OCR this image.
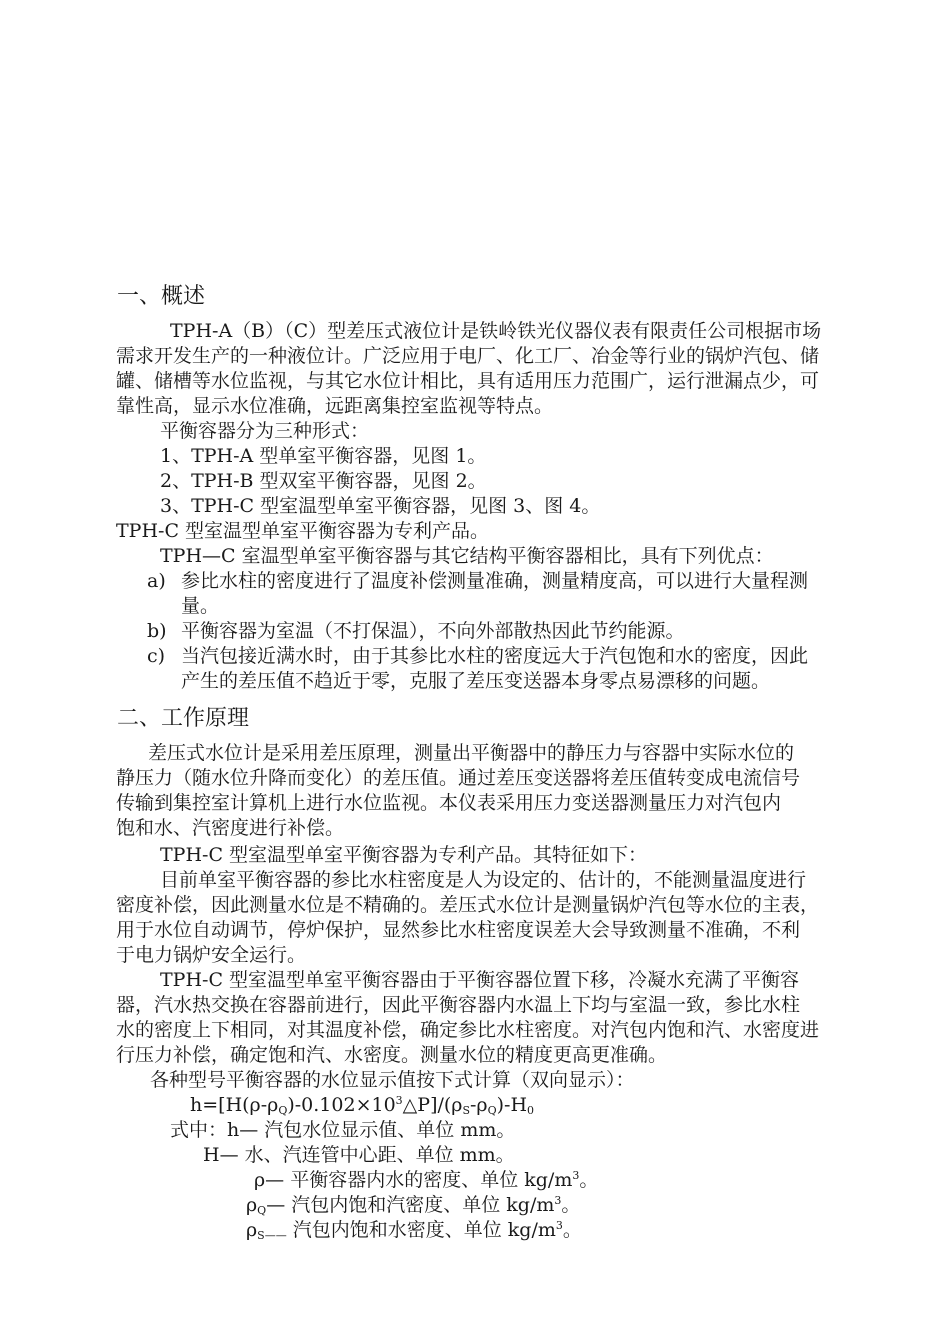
一、概述
TPH-A（B）（C）型差压式液位计是铁岭铁光仪器仪表有限责任公司根据市场
需求开发生产的一种液位计。广泛应用于电厂、化工厂、冶金等行业的锅炉汽包、储
罐、储槽等水位监视，与其它水位计相比，具有适用压力范围广，运行泄漏点少，可
靠性高，显示水位准确，远距离集控室监视等特点。
平衡容器分为三种形式：
1、TPH-A 型单室平衡容器，见图 1。
2、TPH-B 型双室平衡容器，见图 2。
3、TPH-C 型室温型单室平衡容器，见图 3、图 4。
TPH-C 型室温型单室平衡容器为专利产品。
TPH—C 室温型单室平衡容器与其它结构平衡容器相比，具有下列优点：
a) 参比水柱的密度进行了温度补偿测量准确，测量精度高，可以进行大量程测
量。
b) 平衡容器为室温（不打保温），不向外部散热因此节约能源。
c) 当汽包接近满水时，由于其参比水柱的密度远大于汽包饱和水的密度，因此
产生的差压值不趋近于零，克服了差压变送器本身零点易漂移的问题。
二、工作原理
差压式水位计是采用差压原理，测量出平衡器中的静压力与容器中实际水位的
静压力（随水位升降而变化）的差压值。通过差压变送器将差压值转变成电流信号
传输到集控室计算机上进行水位监视。本仪表采用压力变送器测量压力对汽包内
饱和水、汽密度进行补偿。
TPH-C 型室温型单室平衡容器为专利产品。其特征如下：
目前单室平衡容器的参比水柱密度是人为设定的、估计的，不能测量温度进行
密度补偿，因此测量水位是不精确的。差压式水位计是测量锅炉汽包等水位的主表，
用于水位自动调节，停炉保护，显然参比水柱密度误差大会导致测量不准确，不利
于电力锅炉安全运行。
TPH-C 型室温型单室平衡容器由于平衡容器位置下移，冷凝水充满了平衡容
器，汽水热交换在容器前进行，因此平衡容器内水温上下均与室温一致，参比水柱
水的密度上下相同，对其温度补偿，确定参比水柱密度。对汽包内饱和汽、水密度进
行压力补偿，确定饱和汽、水密度。测量水位的精度更高更准确。
各种型号平衡容器的水位显示值按下式计算（双向显示）：
$h=[H(\rho-\rho_Q)-0.102\times 10^3\triangle P]/(\rho_S-\rho_Q)-H_0$
式中：h— 汽包水位显示值、单位 mm。
H— 水、汽连管中心距、单位 mm。
ρ— 平衡容器内水的密度、单位 $kg/m^3$。
$\rho_Q—$ 汽包内饱和汽密度、单位 $kg/m^3$。
$\rho_{S——}$ 汽包内饱和水密度、单位 $kg/m^3$。
